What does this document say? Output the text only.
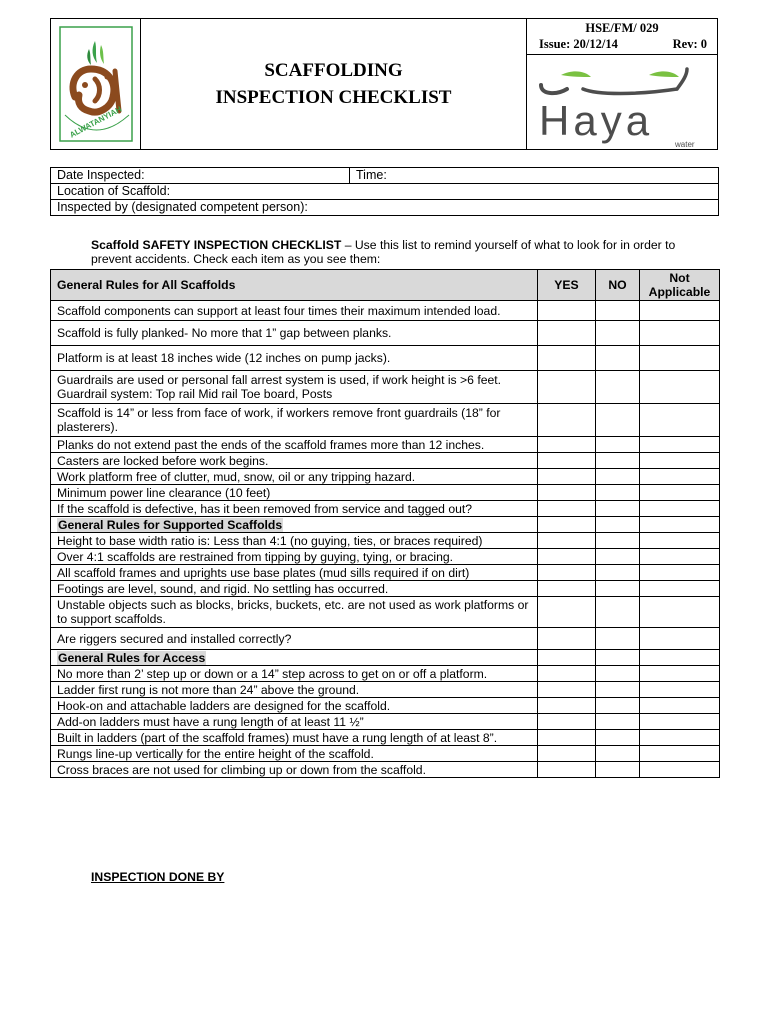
ALWATANYIAH
SCAFFOLDING
INSPECTION CHECKLIST
HSE/FM/ 029
Issue: 20/12/14	Rev: 0
Haya
water
Date Inspected:	Time:
Location of Scaffold:
Inspected by (designated competent person):
Scaffold SAFETY INSPECTION CHECKLIST – Use this list to remind yourself of what to look for in order to prevent accidents. Check each item as you see them:
General Rules for All Scaffolds	YES	NO	Not Applicable
Scaffold components can support at least four times their maximum intended load.			
Scaffold is fully planked- No more that 1” gap between planks.			
Platform is at least 18 inches wide (12 inches on pump jacks).			
Guardrails are used or personal fall arrest system is used, if work height is >6 feet. Guardrail system: Top rail Mid rail Toe board, Posts			
Scaffold is 14” or less from face of work, if workers remove front guardrails (18” for plasterers).			
Planks do not extend past the ends of the scaffold frames more than 12 inches.			
Casters are locked before work begins.			
Work platform free of clutter, mud, snow, oil or any tripping hazard.			
Minimum power line clearance (10 feet)			
If the scaffold is defective, has it been removed from service and tagged out?			
General Rules for Supported Scaffolds			
Height to base width ratio is: Less than 4:1 (no guying, ties, or braces required)			
Over 4:1 scaffolds are restrained from tipping by guying, tying, or bracing.			
All scaffold frames and uprights use base plates (mud sills required if on dirt)			
Footings are level, sound, and rigid. No settling has occurred.			
Unstable objects such as blocks, bricks, buckets, etc. are not used as work platforms or to support scaffolds.			
Are riggers secured and installed correctly?			
General Rules for Access			
No more than 2’ step up or down or a 14” step across to get on or off a platform.			
Ladder first rung is not more than 24” above the ground.			
Hook-on and attachable ladders are designed for the scaffold.			
Add-on ladders must have a rung length of at least 11 ½”			
Built in ladders (part of the scaffold frames) must have a rung length of at least 8”.			
Rungs line-up vertically for the entire height of the scaffold.			
Cross braces are not used for climbing up or down from the scaffold.			
INSPECTION DONE BY
